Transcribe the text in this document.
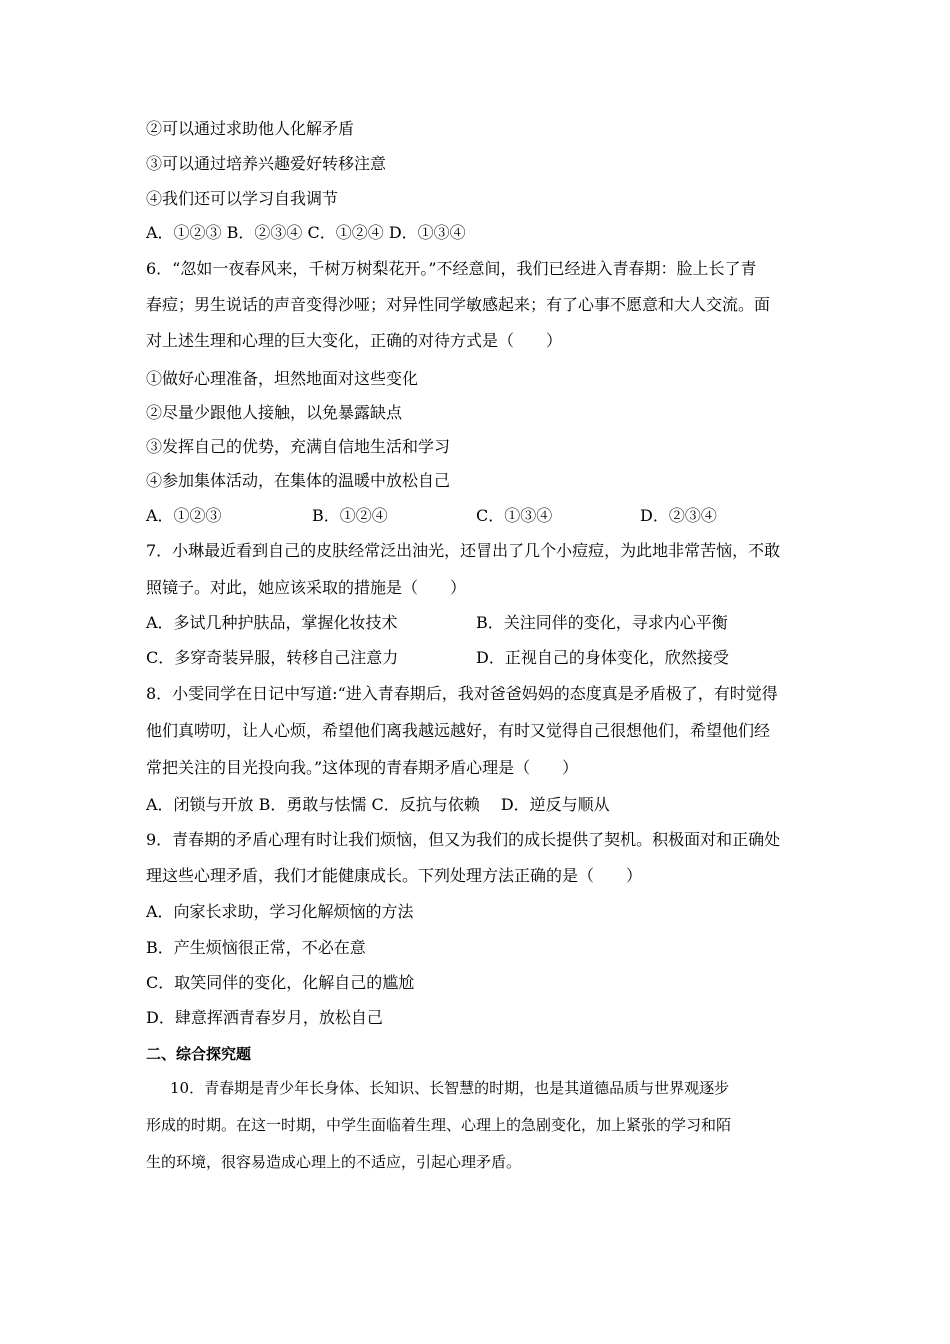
②可以通过求助他人化解矛盾
③可以通过培养兴趣爱好转移注意
④我们还可以学习自我调节
A．①②③ B．②③④ C．①②④ D．①③④
6．“忽如一夜春风来，千树万树梨花开。”不经意间，我们已经进入青春期：脸上长了青
春痘；男生说话的声音变得沙哑；对异性同学敏感起来；有了心事不愿意和大人交流。面
对上述生理和心理的巨大变化，正确的对待方式是（　　）
①做好心理准备，坦然地面对这些变化
②尽量少跟他人接触，以免暴露缺点
③发挥自己的优势，充满自信地生活和学习
④参加集体活动，在集体的温暖中放松自己
A．①②③	B．①②④	C．①③④	D．②③④
7．小琳最近看到自己的皮肤经常泛出油光，还冒出了几个小痘痘，为此地非常苦恼，不敢
照镜子。对此，她应该采取的措施是（　　）
A．多试几种护肤品，掌握化妆技术	B．关注同伴的变化，寻求内心平衡
C．多穿奇装异服，转移自己注意力	D．正视自己的身体变化，欣然接受
8．小雯同学在日记中写道:“进入青春期后，我对爸爸妈妈的态度真是矛盾极了，有时觉得
他们真唠叨，让人心烦，希望他们离我越远越好，有时又觉得自己很想他们，希望他们经
常把关注的目光投向我。”这体现的青春期矛盾心理是（　　）
A．闭锁与开放 B．勇敢与怯懦 C．反抗与依赖　 D．逆反与顺从
9．青春期的矛盾心理有时让我们烦恼，但又为我们的成长提供了契机。积极面对和正确处
理这些心理矛盾，我们才能健康成长。下列处理方法正确的是（　　）
A．向家长求助，学习化解烦恼的方法
B．产生烦恼很正常，不必在意
C．取笑同伴的变化，化解自己的尴尬
D．肆意挥洒青春岁月，放松自己
二、综合探究题
10．青春期是青少年长身体、长知识、长智慧的时期，也是其道德品质与世界观逐步
形成的时期。在这一时期，中学生面临着生理、心理上的急剧变化，加上紧张的学习和陌
生的环境，很容易造成心理上的不适应，引起心理矛盾。
